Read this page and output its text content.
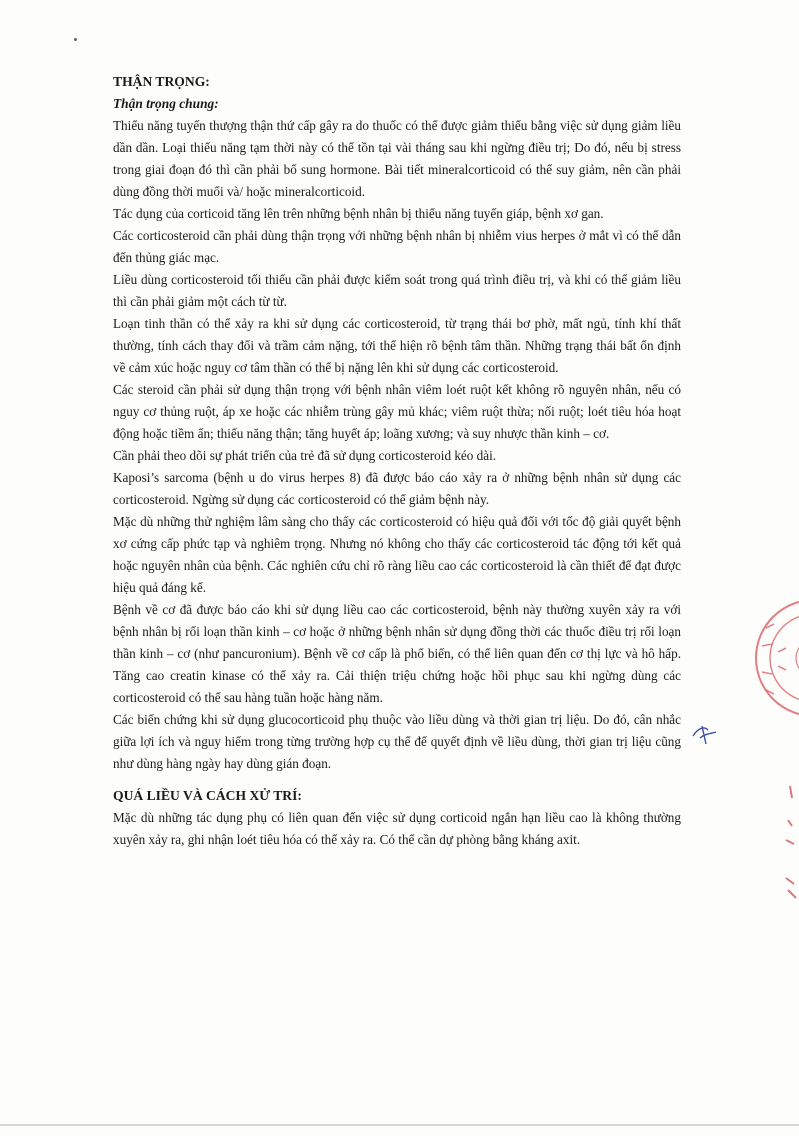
THẬN TRỌNG:
Thận trọng chung:

Thiểu năng tuyến thượng thận thứ cấp gây ra do thuốc có thể được giảm thiểu bằng việc sử dụng giảm liều dần dần. Loại thiểu năng tạm thời này có thể tồn tại vài tháng sau khi ngừng điều trị; Do đó, nếu bị stress trong giai đoạn đó thì cần phải bổ sung hormone. Bài tiết mineralcorticoid có thể suy giảm, nên cần phải dùng đồng thời muối và/ hoặc mineralcorticoid.

Tác dụng của corticoid tăng lên trên những bệnh nhân bị thiểu năng tuyến giáp, bệnh xơ gan.

Các corticosteroid cần phải dùng thận trọng với những bệnh nhân bị nhiễm vius herpes ở mắt vì có thể dẫn đến thủng giác mạc.

Liều dùng corticosteroid tối thiểu cần phải được kiểm soát trong quá trình điều trị, và khi có thể giảm liều thì cần phải giảm một cách từ từ.

Loạn tinh thần có thể xảy ra khi sử dụng các corticosteroid, từ trạng thái bơ phờ, mất ngủ, tính khí thất thường, tính cách thay đổi và trầm cảm nặng, tới thể hiện rõ bệnh tâm thần. Những trạng thái bất ổn định về cảm xúc hoặc nguy cơ tâm thần có thể bị nặng lên khi sử dụng các corticosteroid.

Các steroid cần phải sử dụng thận trọng với bệnh nhân viêm loét ruột kết không rõ nguyên nhân, nếu có nguy cơ thủng ruột, áp xe hoặc các nhiễm trùng gây mủ khác; viêm ruột thừa; nối ruột; loét tiêu hóa hoạt động hoặc tiềm ẩn; thiểu năng thận; tăng huyết áp; loãng xương; và suy nhược thần kinh – cơ.

Cần phải theo dõi sự phát triển của trẻ đã sử dụng corticosteroid kéo dài.

Kaposi’s sarcoma (bệnh u do virus herpes 8) đã được báo cáo xảy ra ở những bệnh nhân sử dụng các corticosteroid. Ngừng sử dụng các corticosteroid có thể giảm bệnh này.

Mặc dù những thử nghiệm lâm sàng cho thấy các corticosteroid có hiệu quả đối với tốc độ giải quyết bệnh xơ cứng cấp phức tạp và nghiêm trọng. Nhưng nó không cho thấy các corticosteroid tác động tới kết quả hoặc nguyên nhân của bệnh. Các nghiên cứu chỉ rõ ràng liều cao các corticosteroid là cần thiết để đạt được hiệu quả đáng kể.

Bệnh về cơ đã được báo cáo khi sử dụng liều cao các corticosteroid, bệnh này thường xuyên xảy ra với bệnh nhân bị rối loạn thần kinh – cơ hoặc ở những bệnh nhân sử dụng đồng thời các thuốc điều trị rối loạn thần kinh – cơ (như pancuronium). Bệnh về cơ cấp là phổ biến, có thể liên quan đến cơ thị lực và hô hấp. Tăng cao creatin kinase có thể xảy ra. Cải thiện triệu chứng hoặc hồi phục sau khi ngừng dùng các corticosteroid có thể sau hàng tuần hoặc hàng năm.

Các biến chứng khi sử dụng glucocorticoid phụ thuộc vào liều dùng và thời gian trị liệu. Do đó, cân nhắc giữa lợi ích và nguy hiểm trong từng trường hợp cụ thể để quyết định về liều dùng, thời gian trị liệu cũng như dùng hàng ngày hay dùng gián đoạn.

QUÁ LIỀU VÀ CÁCH XỬ TRÍ:

Mặc dù những tác dụng phụ có liên quan đến việc sử dụng corticoid ngắn hạn liều cao là không thường xuyên xảy ra, ghi nhận loét tiêu hóa có thể xảy ra. Có thể cần dự phòng bằng kháng axit.
